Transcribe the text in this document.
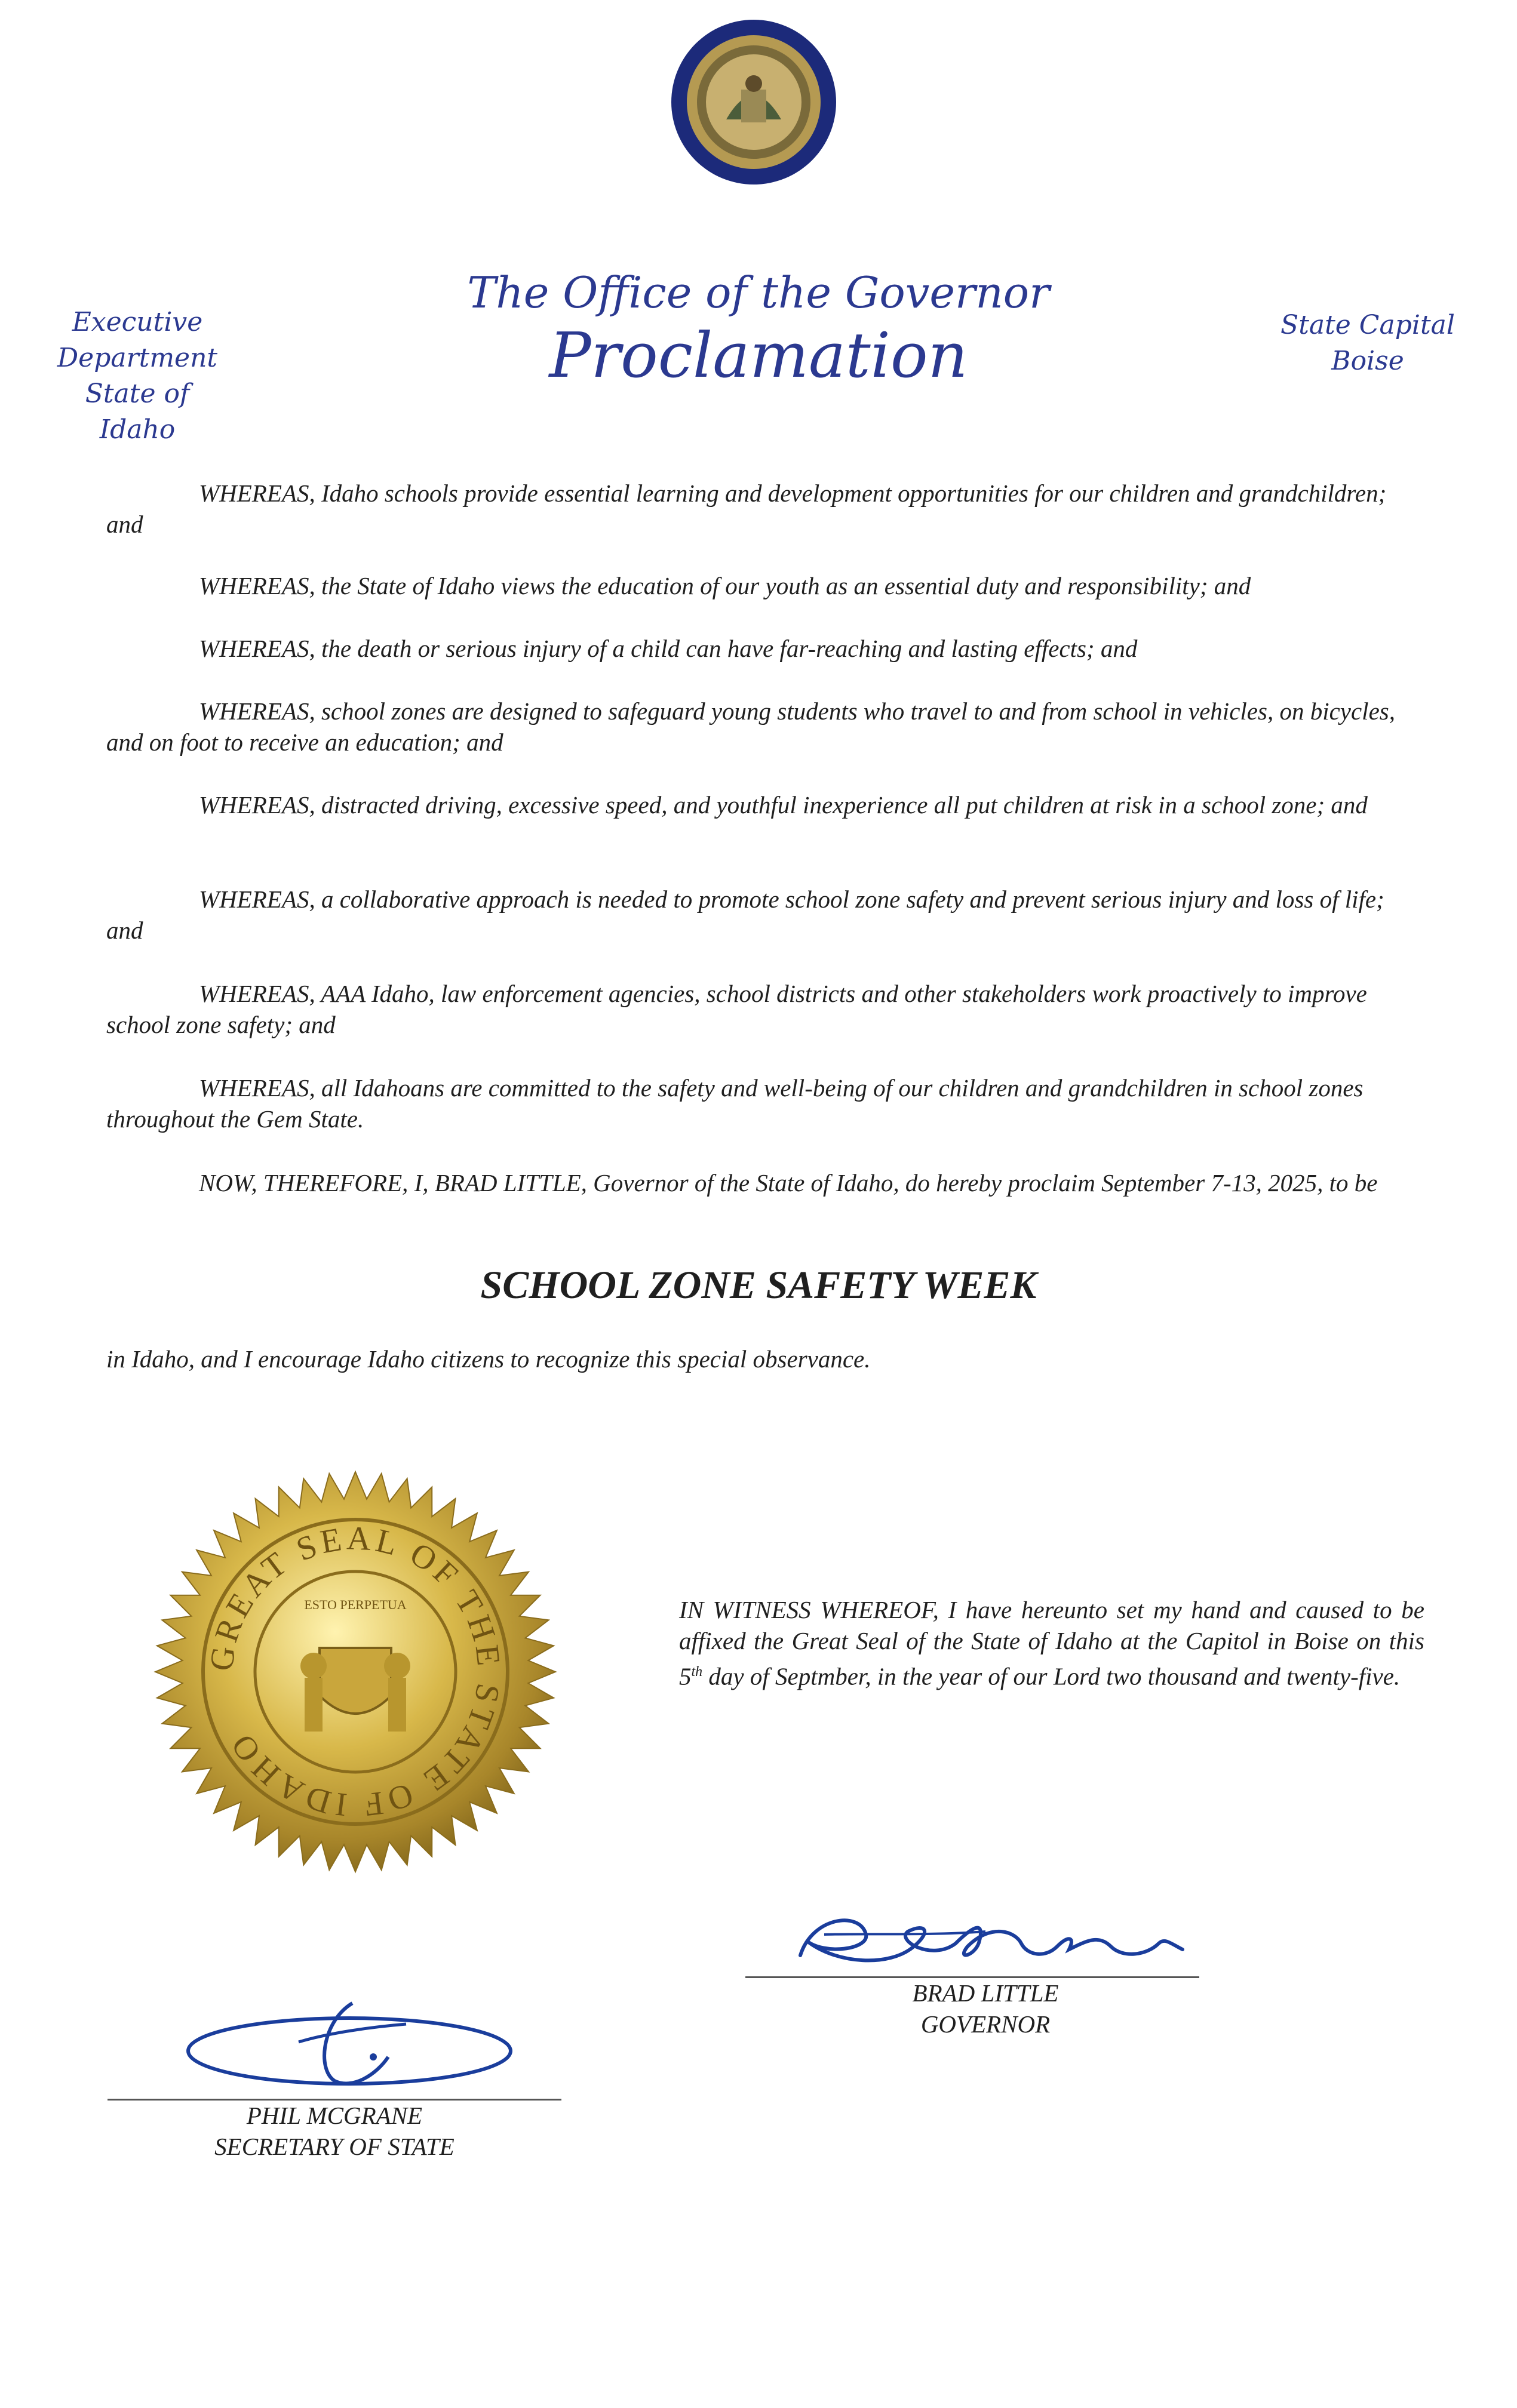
Executive Department
State of Idaho
The Office of the Governor
Proclamation	State Capital
Boise
WHEREAS, Idaho schools provide essential learning and development opportunities for our children and grandchildren; and
WHEREAS, the State of Idaho views the education of our youth as an essential duty and responsibility; and
WHEREAS, the death or serious injury of a child can have far-reaching and lasting effects; and
WHEREAS, school zones are designed to safeguard young students who travel to and from school in vehicles, on bicycles, and on foot to receive an education; and
WHEREAS, distracted driving, excessive speed, and youthful inexperience all put children at risk in a school zone; and
WHEREAS, a collaborative approach is needed to promote school zone safety and prevent serious injury and loss of life; and
WHEREAS, AAA Idaho, law enforcement agencies, school districts and other stakeholders work proactively to improve school zone safety; and
WHEREAS, all Idahoans are committed to the safety and well-being of our children and grandchildren in school zones throughout the Gem State.
NOW, THEREFORE, I, BRAD LITTLE, Governor of the State of Idaho, do hereby proclaim September 7-13, 2025, to be
SCHOOL ZONE SAFETY WEEK
in Idaho, and I encourage Idaho citizens to recognize this special observance.
GREAT SEAL OF THE STATE OF IDAHO
ESTO PERPETUA	IN WITNESS WHEREOF, I have hereunto set my hand and caused to be affixed the Great Seal of the State of Idaho at the Capitol in Boise on this 5th day of Septmber, in the year of our Lord two thousand and twenty-five.
BRAD LITTLE
GOVERNOR
PHIL MCGRANE
SECRETARY OF STATE
